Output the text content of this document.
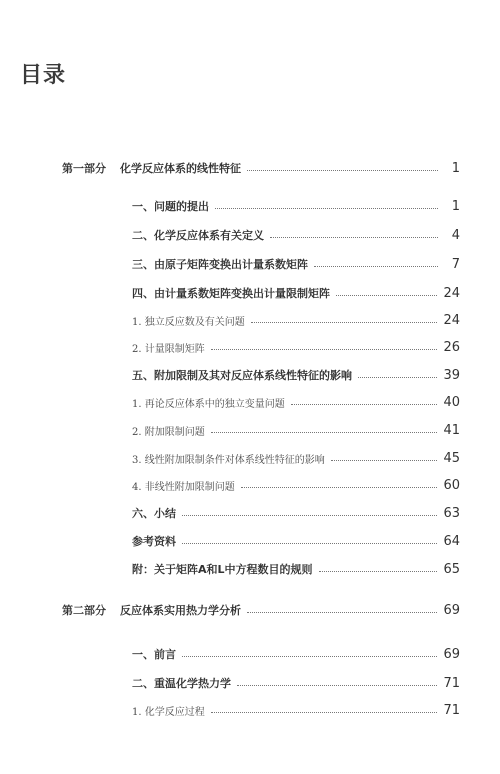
目录
第一部分 化学反应体系的线性特征	1
一、问题的提出	1
二、化学反应体系有关定义	4
三、由原子矩阵变换出计量系数矩阵	7
四、由计量系数矩阵变换出计量限制矩阵	24
1. 独立反应数及有关问题	24
2. 计量限制矩阵	26
五、附加限制及其对反应体系线性特征的影响	39
1. 再论反应体系中的独立变量问题	40
2. 附加限制问题	41
3. 线性附加限制条件对体系线性特征的影响	45
4. 非线性附加限制问题	60
六、小结	63
参考资料	64
附：关于矩阵A和L中方程数目的规则	65
第二部分 反应体系实用热力学分析	69
一、前言	69
二、重温化学热力学	71
1. 化学反应过程	71
